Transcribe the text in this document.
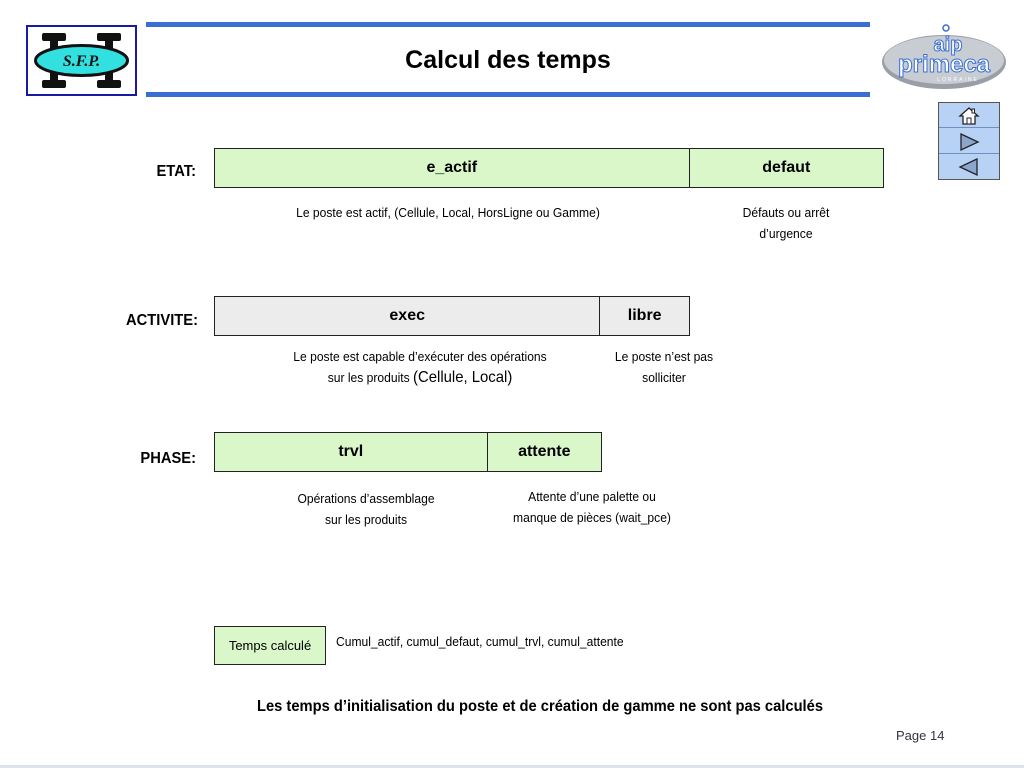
S.F.P.	Calcul des temps
aip
primeca
LORRAINE
ETAT:	e_actif	defaut
Le poste est actif, (Cellule, Local, HorsLigne ou Gamme)	Défauts ou arrêt
d’urgence
ACTIVITE:	exec	libre
Le poste est capable d’exécuter des opérations
sur les produits (Cellule, Local)
Le poste n’est pas
solliciter
PHASE:	trvl	attente
Opérations d’assemblage
sur les produits
Attente d’une palette ou
manque de pièces (wait_pce)
Temps calculé	Cumul_actif, cumul_defaut, cumul_trvl, cumul_attente
Les temps d’initialisation du poste et de création de gamme ne sont pas calculés
Page 14
